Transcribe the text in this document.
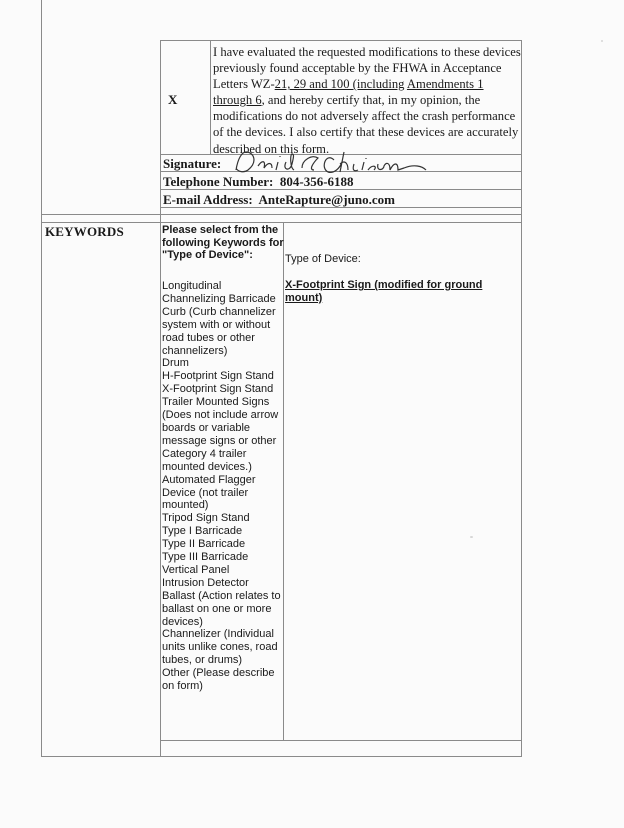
X
I have evaluated the requested modifications to these devices previously found acceptable by the FHWA in Acceptance Letters WZ-21, 29 and 100 (including Amendments 1 through 6, and hereby certify that, in my opinion, the modifications do not adversely affect the crash performance of the devices. I also certify that these devices are accurately described on this form.
Signature:
Telephone Number: 804-356-6188
E-mail Address: AnteRapture@juno.com
KEYWORDS	Please select from the following Keywords for "Type of Device":
Longitudinal Channelizing Barricade
Curb (Curb channelizer system with or without road tubes or other channelizers)
Drum
H-Footprint Sign Stand
X-Footprint Sign Stand
Trailer Mounted Signs (Does not include arrow boards or variable message signs or other Category 4 trailer mounted devices.)
Automated Flagger Device (not trailer mounted)
Tripod Sign Stand
Type I Barricade
Type II Barricade
Type III Barricade
Vertical Panel
Intrusion Detector
Ballast (Action relates to ballast on one or more devices)
Channelizer (Individual units unlike cones, road tubes, or drums)
Other (Please describe on form)
Type of Device:
X-Footprint Sign (modified for ground mount)
